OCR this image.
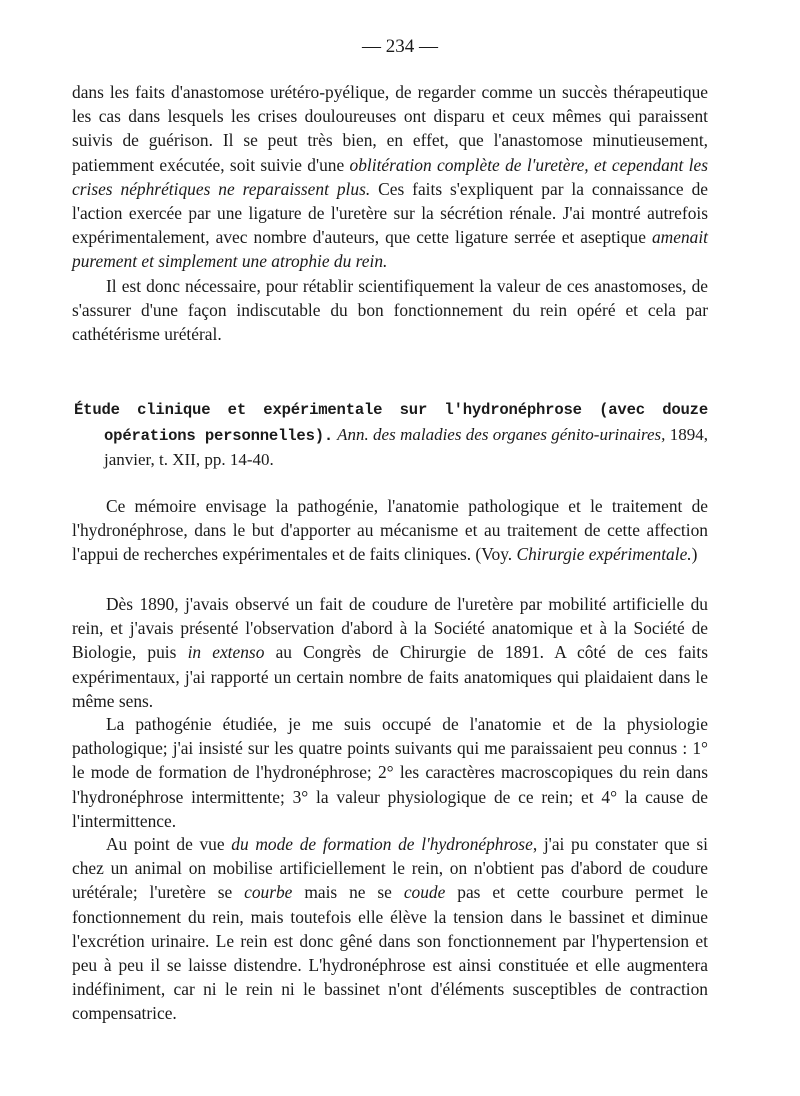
— 234 —

dans les faits d'anastomose urétéro-pyélique, de regarder comme un succès thérapeutique les cas dans lesquels les crises douloureuses ont disparu et ceux mêmes qui paraissent suivis de guérison. Il se peut très bien, en effet, que l'anastomose minutieusement, patiemment exécutée, soit suivie d'une oblitération complète de l'uretère, et cependant les crises néphrétiques ne reparaissent plus. Ces faits s'expliquent par la connaissance de l'action exercée par une ligature de l'uretère sur la sécrétion rénale. J'ai montré autrefois expérimentalement, avec nombre d'auteurs, que cette ligature serrée et aseptique amenait purement et simplement une atrophie du rein.

Il est donc nécessaire, pour rétablir scientifiquement la valeur de ces anastomoses, de s'assurer d'une façon indiscutable du bon fonctionnement du rein opéré et cela par cathétérisme urétéral.

Étude clinique et expérimentale sur l'hydronéphrose (avec douze opérations personnelles). Ann. des maladies des organes génito-urinaires, 1894, janvier, t. XII, pp. 14-40.

Ce mémoire envisage la pathogénie, l'anatomie pathologique et le traitement de l'hydronéphrose, dans le but d'apporter au mécanisme et au traitement de cette affection l'appui de recherches expérimentales et de faits cliniques. (Voy. Chirurgie expérimentale.)

Dès 1890, j'avais observé un fait de coudure de l'uretère par mobilité artificielle du rein, et j'avais présenté l'observation d'abord à la Société anatomique et à la Société de Biologie, puis in extenso au Congrès de Chirurgie de 1891. A côté de ces faits expérimentaux, j'ai rapporté un certain nombre de faits anatomiques qui plaidaient dans le même sens.

La pathogénie étudiée, je me suis occupé de l'anatomie et de la physiologie pathologique; j'ai insisté sur les quatre points suivants qui me paraissaient peu connus : 1° le mode de formation de l'hydronéphrose; 2° les caractères macroscopiques du rein dans l'hydronéphrose intermittente; 3° la valeur physiologique de ce rein; et 4° la cause de l'intermittence.

Au point de vue du mode de formation de l'hydronéphrose, j'ai pu constater que si chez un animal on mobilise artificiellement le rein, on n'obtient pas d'abord de coudure urétérale; l'uretère se courbe mais ne se coude pas et cette courbure permet le fonctionnement du rein, mais toutefois elle élève la tension dans le bassinet et diminue l'excrétion urinaire. Le rein est donc gêné dans son fonctionnement par l'hypertension et peu à peu il se laisse distendre. L'hydronéphrose est ainsi constituée et elle augmentera indéfiniment, car ni le rein ni le bassinet n'ont d'éléments susceptibles de contraction compensatrice.
